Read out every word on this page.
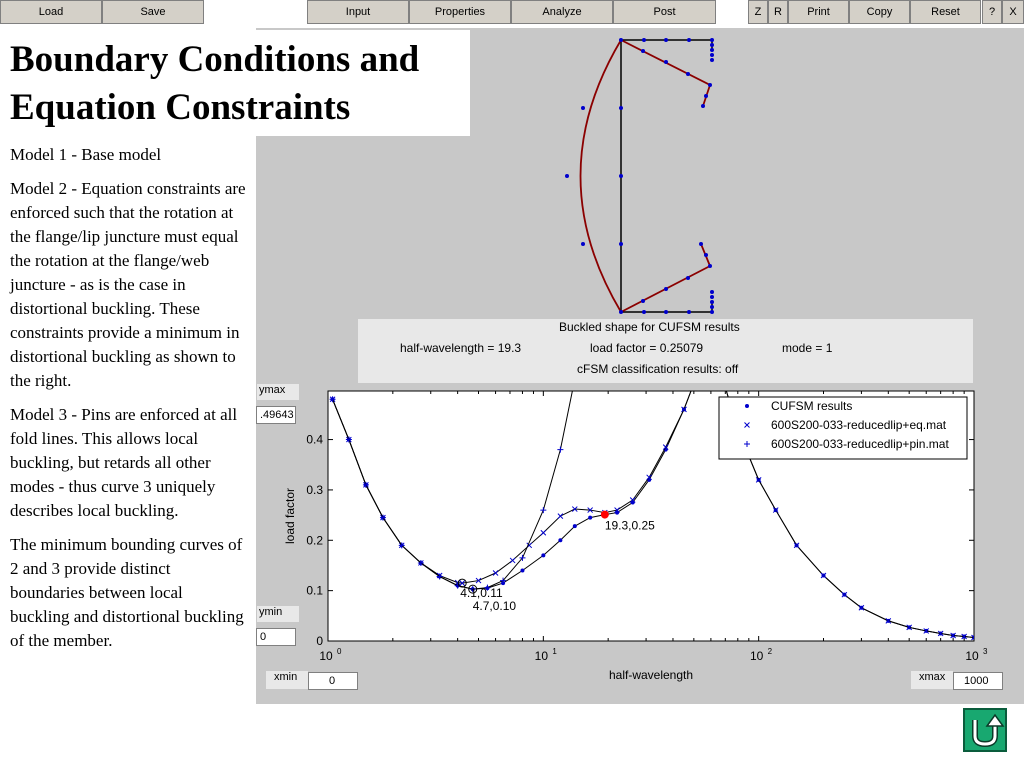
Load	Save	Input	Properties	Analyze	Post	Z	R	Print	Copy	Reset	?	X
Boundary Conditions and
Equation Constraints

Model 1 - Base model

Model 2 - Equation constraints are enforced such that the rotation at the flange/lip juncture must equal the rotation at the flange/web juncture - as is the case in distortional buckling. These constraints provide a minimum in distortional buckling as shown to the right.

Model 3 - Pins are enforced at all fold lines. This allows local buckling, but retards all other modes - thus curve 3 uniquely describes local buckling.

The minimum bounding curves of 2 and 3 provide distinct boundaries between local buckling and distortional buckling of the member.

Buckled shape for CUFSM results
half-wavelength = 19.3	load factor = 0.25079	mode = 1
cFSM classification results: off
ymax
.49643
ymin
0
xmin	0	xmax	1000
0
0.1
0.2
0.3
0.4
10 0	10 1	10 2	10 3
19.3,0.25
4.1,0.11
4.7,0.10
half-wavelength
load factor
CUFSM results
600S200-033-reducedlip+eq.mat
600S200-033-reducedlip+pin.mat
